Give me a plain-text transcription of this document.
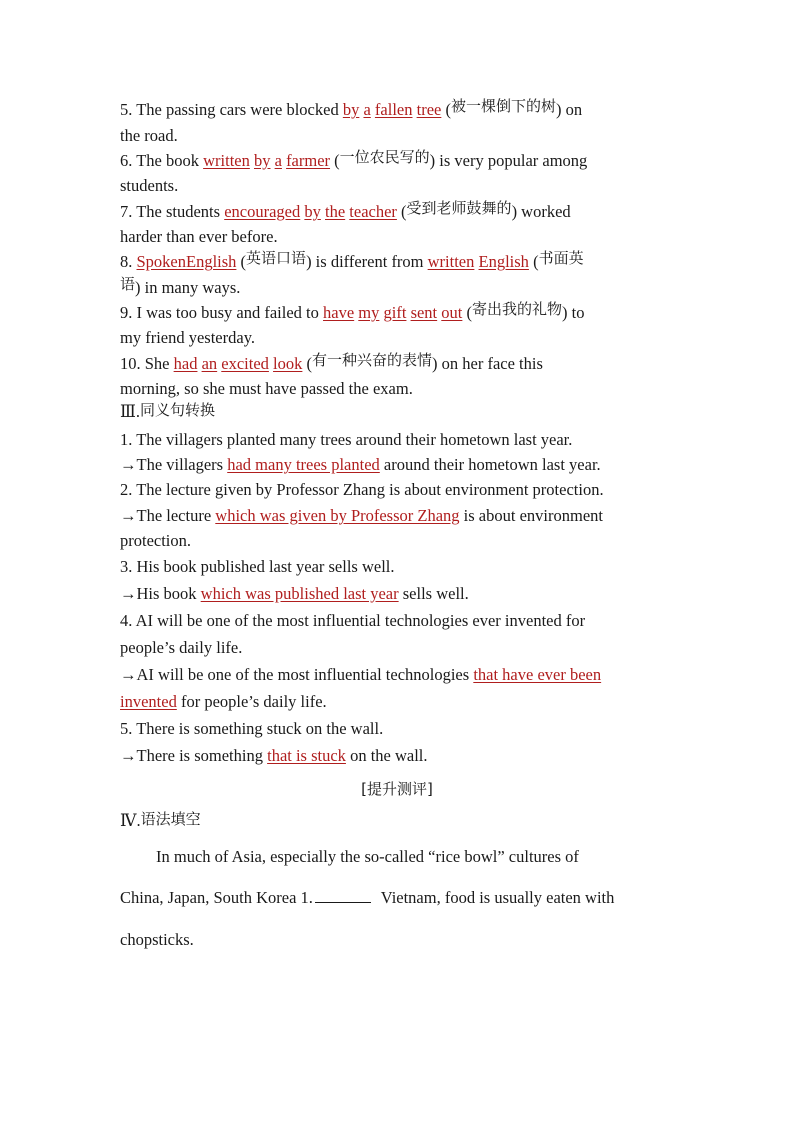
5. The passing cars were blocked by a fallen tree (被一棵倒下的树) on
the road.
6. The book written by a farmer (一位农民写的) is very popular among
students.
7. The students encouraged by the teacher (受到老师鼓舞的) worked
harder than ever before.
8. SpokenEnglish (英语口语) is different from written English (书面英
语) in many ways.
9. I was too busy and failed to have my gift sent out (寄出我的礼物) to
my friend yesterday.
10. She had an excited look (有一种兴奋的表情) on her face this
morning, so she must have passed the exam.
Ⅲ.同义句转换
1. The villagers planted many trees around their hometown last year.
→The villagers had many trees planted around their hometown last year.
2. The lecture given by Professor Zhang is about environment protection.
→The lecture which was given by Professor Zhang is about environment
protection.
3. His book published last year sells well.
→His book which was published last year sells well.
4. AI will be one of the most influential technologies ever invented for
people’s daily life.
→AI will be one of the most influential technologies that have ever been
invented for people’s daily life.
5. There is something stuck on the wall.
→There is something that is stuck on the wall.
[提升测评]
Ⅳ.语法填空
In much of Asia, especially the so-called “rice bowl” cultures of
China, Japan, South Korea 1.	Vietnam, food is usually eaten with
chopsticks.
